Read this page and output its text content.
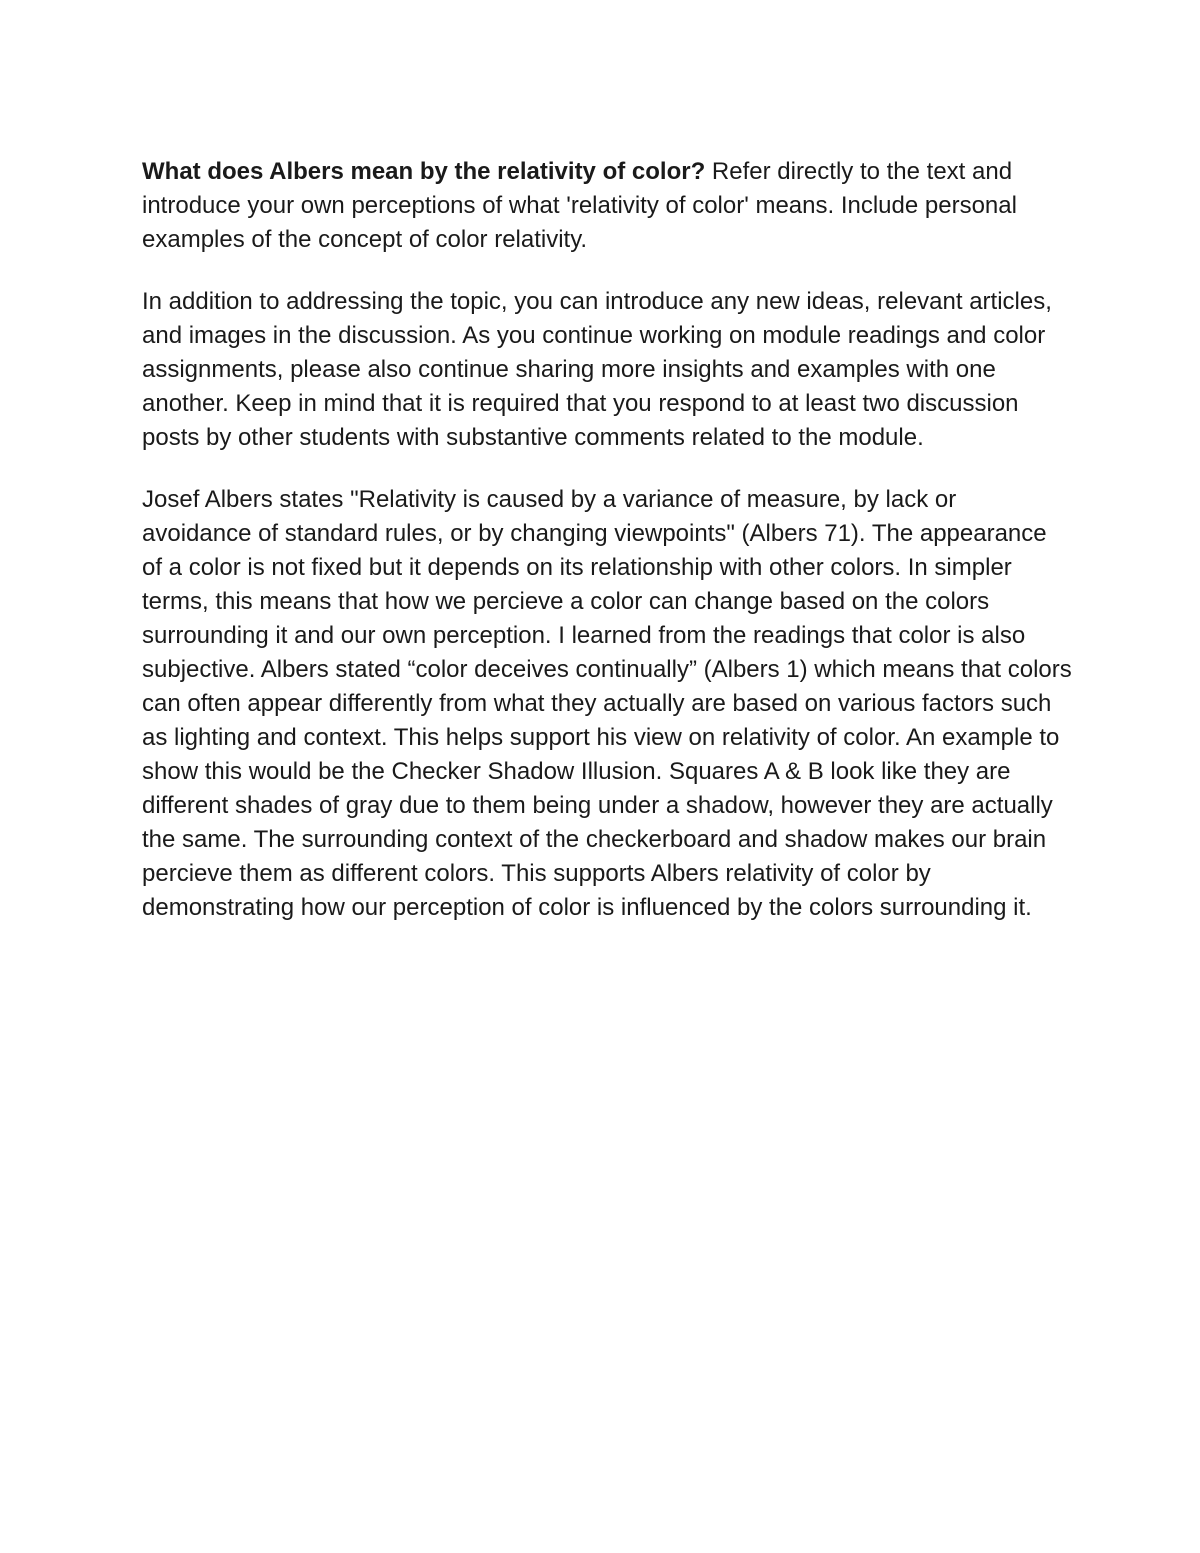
What does Albers mean by the relativity of color? Refer directly to the text and introduce your own perceptions of what 'relativity of color' means. Include personal examples of the concept of color relativity.

In addition to addressing the topic, you can introduce any new ideas, relevant articles, and images in the discussion. As you continue working on module readings and color assignments, please also continue sharing more insights and examples with one another. Keep in mind that it is required that you respond to at least two discussion posts by other students with substantive comments related to the module.

Josef Albers states "Relativity is caused by a variance of measure, by lack or avoidance of standard rules, or by changing viewpoints" (Albers 71). The appearance of a color is not fixed but it depends on its relationship with other colors. In simpler terms, this means that how we percieve a color can change based on the colors surrounding it and our own perception. I learned from the readings that color is also subjective. Albers stated “color deceives continually” (Albers 1) which means that colors can often appear differently from what they actually are based on various factors such as lighting and context. This helps support his view on relativity of color. An example to show this would be the Checker Shadow Illusion. Squares A & B look like they are different shades of gray due to them being under a shadow, however they are actually the same. The surrounding context of the checkerboard and shadow makes our brain percieve them as different colors. This supports Albers relativity of color by demonstrating how our perception of color is influenced by the colors surrounding it.
